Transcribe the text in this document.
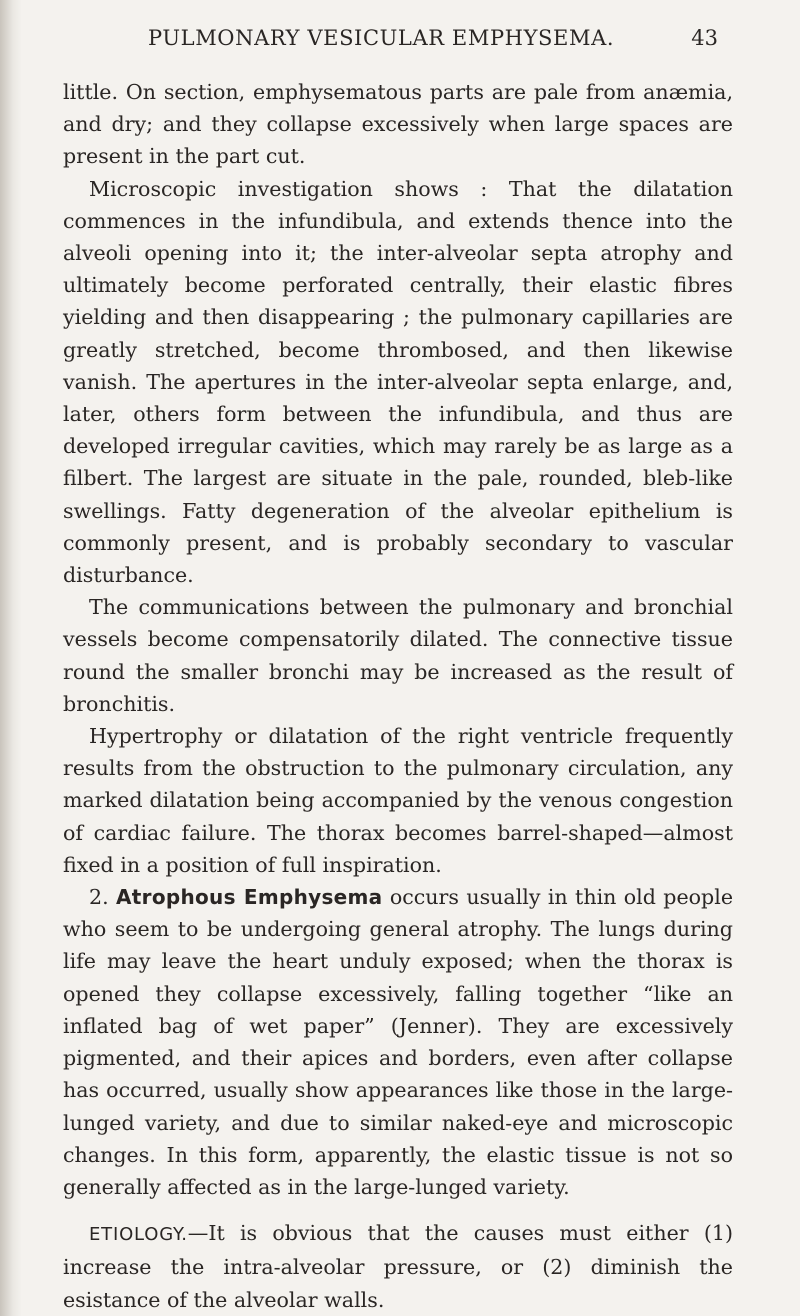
PULMONARY VESICULAR EMPHYSEMA.	43

little. On section, emphysematous parts are pale from anæmia, and dry; and they collapse excessively when large spaces are present in the part cut.

Microscopic investigation shows : That the dilatation commences in the infundibula, and extends thence into the alveoli opening into it; the inter-alveolar septa atrophy and ultimately become perforated centrally, their elastic fibres yielding and then disappearing ; the pulmonary capillaries are greatly stretched, become thrombosed, and then likewise vanish. The apertures in the inter-alveolar septa enlarge, and, later, others form between the infundibula, and thus are developed irregular cavities, which may rarely be as large as a filbert. The largest are situate in the pale, rounded, bleb-like swellings. Fatty degeneration of the alveolar epithelium is commonly present, and is probably secondary to vascular disturbance.

The communications between the pulmonary and bronchial vessels become compensatorily dilated. The connective tissue round the smaller bronchi may be increased as the result of bronchitis.

Hypertrophy or dilatation of the right ventricle frequently results from the obstruction to the pulmonary circulation, any marked dilatation being accompanied by the venous congestion of cardiac failure. The thorax becomes barrel-shaped—almost fixed in a position of full inspiration.

2. Atrophous Emphysema occurs usually in thin old people who seem to be undergoing general atrophy. The lungs during life may leave the heart unduly exposed; when the thorax is opened they collapse excessively, falling together “like an inflated bag of wet paper” (Jenner). They are excessively pigmented, and their apices and borders, even after collapse has occurred, usually show appearances like those in the large-lunged variety, and due to similar naked-eye and microscopic changes. In this form, apparently, the elastic tissue is not so generally affected as in the large-lunged variety.

ETIOLOGY.—It is obvious that the causes must either (1) increase the intra-alveolar pressure, or (2) diminish the esistance of the alveolar walls.
